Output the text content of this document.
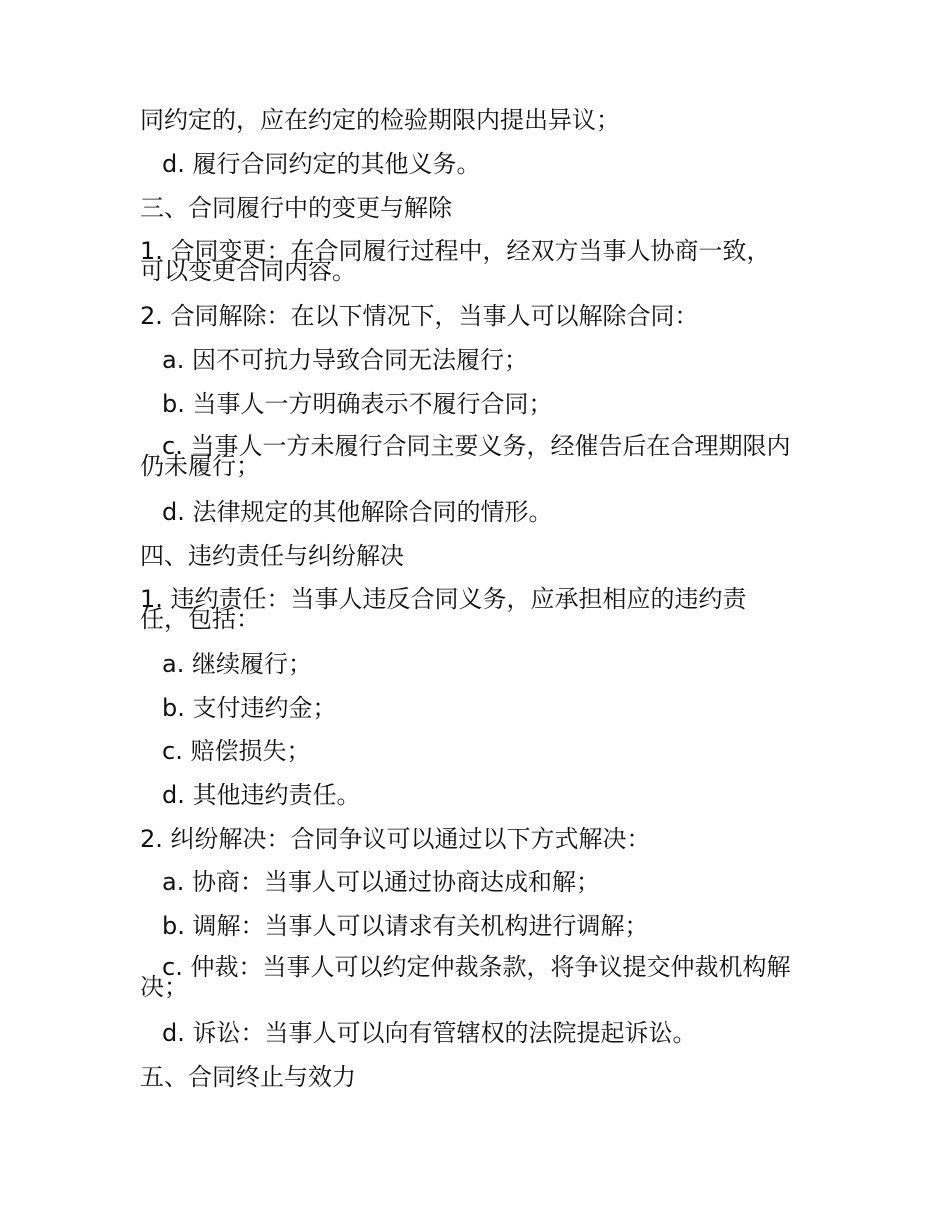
同约定的，应在约定的检验期限内提出异议；
d. 履行合同约定的其他义务。
三、合同履行中的变更与解除
1. 合同变更：在合同履行过程中，经双方当事人协商一致，可以变更合同内容。
2. 合同解除：在以下情况下，当事人可以解除合同：
a. 因不可抗力导致合同无法履行；
b. 当事人一方明确表示不履行合同；
c. 当事人一方未履行合同主要义务，经催告后在合理期限内仍未履行；
d. 法律规定的其他解除合同的情形。
四、违约责任与纠纷解决
1. 违约责任：当事人违反合同义务，应承担相应的违约责任，包括：
a. 继续履行；
b. 支付违约金；
c. 赔偿损失；
d. 其他违约责任。
2. 纠纷解决：合同争议可以通过以下方式解决：
a. 协商：当事人可以通过协商达成和解；
b. 调解：当事人可以请求有关机构进行调解；
c. 仲裁：当事人可以约定仲裁条款，将争议提交仲裁机构解决；
d. 诉讼：当事人可以向有管辖权的法院提起诉讼。
五、合同终止与效力
